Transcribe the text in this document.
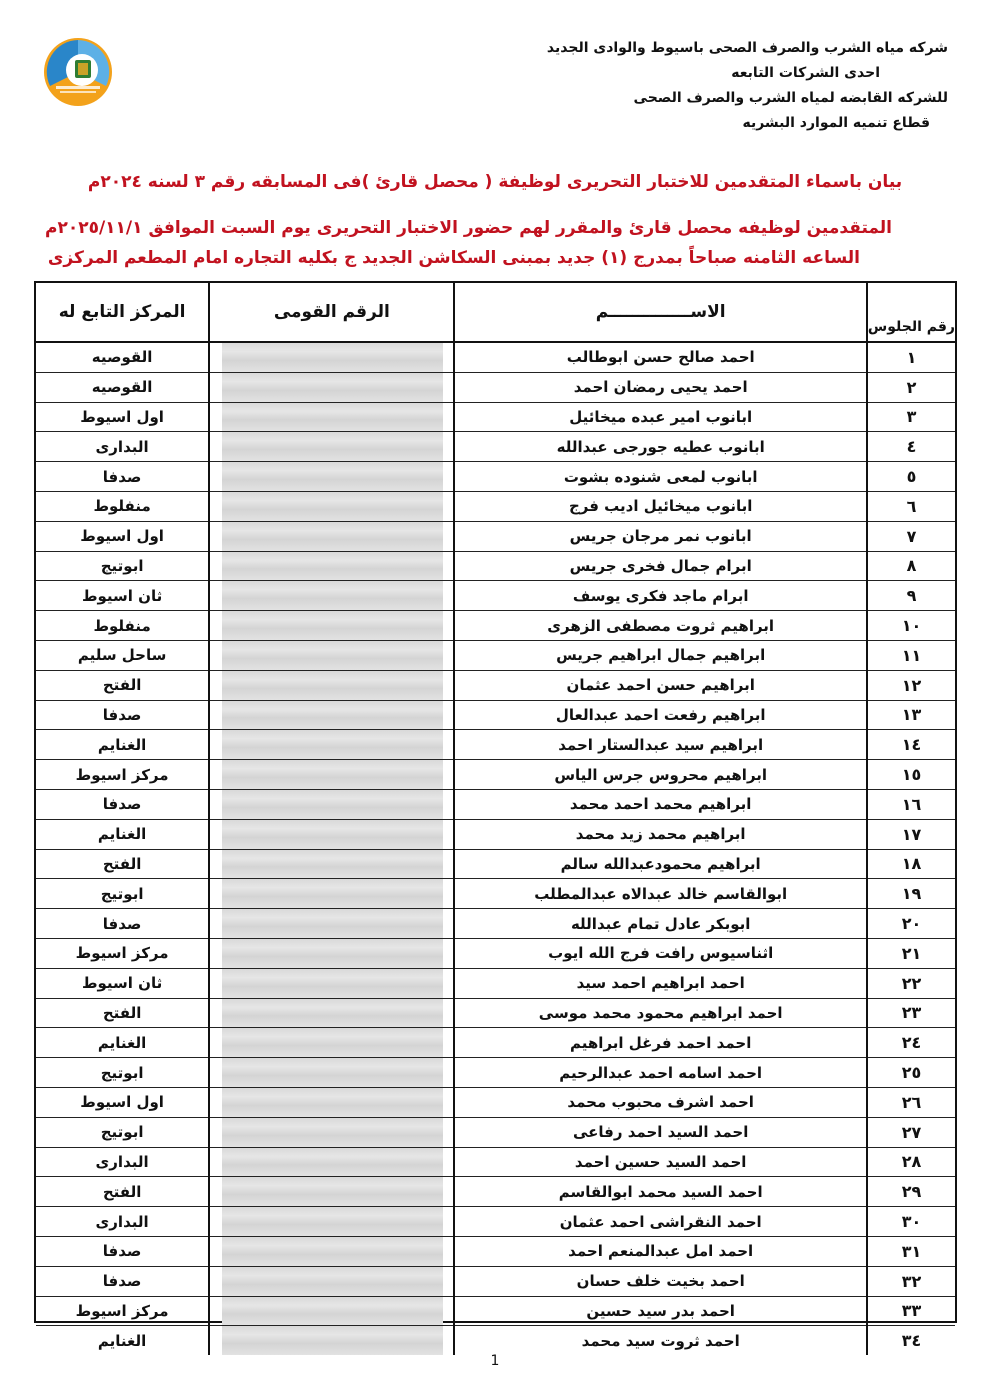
شركه مياه الشرب والصرف الصحى باسيوط والوادى الجديد
احدى الشركات التابعه
للشركه القابضه لمياه الشرب والصرف الصحى
قطاع تنميه الموارد البشريه
بيان باسماء المتقدمين للاختبار التحريرى لوظيفة ( محصل قارئ )فى المسابقه رقم ٣ لسنه ٢٠٢٤م
المتقدمين لوظيفه محصل قارئ والمقرر لهم حضور الاختبار التحريرى يوم السبت الموافق ٢٠٢٥/١١/١م
الساعه الثامنه صباحاً بمدرج (١) جديد بمبنى السكاشن الجديد ج بكليه التجاره امام المطعم المركزى
رقم الجلوس	الاســــــــــــــم	الرقم القومى	المركز التابع له
١	احمد صالح حسن ابوطالب		القوصيه
٢	احمد يحيى رمضان احمد		القوصيه
٣	ابانوب امير عبده ميخائيل		اول اسيوط
٤	ابانوب عطيه جورجى عبدالله		البدارى
٥	ابانوب لمعى شنوده بشوت		صدفا
٦	ابانوب ميخائيل اديب فرج		منفلوط
٧	ابانوب نمر مرجان جريس		اول اسيوط
٨	ابرام جمال فخرى جريس		ابوتيج
٩	ابرام ماجد فكرى يوسف		ثان اسيوط
١٠	ابراهيم ثروت مصطفى الزهرى		منفلوط
١١	ابراهيم جمال ابراهيم جريس		ساحل سليم
١٢	ابراهيم حسن احمد عثمان		الفتح
١٣	ابراهيم رفعت احمد عبدالعال		صدفا
١٤	ابراهيم سيد عبدالستار احمد		الغنايم
١٥	ابراهيم محروس جرس الياس		مركز اسيوط
١٦	ابراهيم محمد احمد محمد		صدفا
١٧	ابراهيم محمد زيد محمد		الغنايم
١٨	ابراهيم محمودعبدالله سالم		الفتح
١٩	ابوالقاسم خالد عبدالاه عبدالمطلب		ابوتيج
٢٠	ابوبكر عادل تمام عبدالله		صدفا
٢١	اثناسيوس رافت فرج الله ايوب		مركز اسيوط
٢٢	احمد ابراهيم احمد سيد		ثان اسيوط
٢٣	احمد ابراهيم محمود محمد موسى		الفتح
٢٤	احمد احمد فرغل ابراهيم		الغنايم
٢٥	احمد اسامه احمد عبدالرحيم		ابوتيج
٢٦	احمد اشرف محبوب محمد		اول اسيوط
٢٧	احمد السيد احمد رفاعى		ابوتيج
٢٨	احمد السيد حسين احمد		البدارى
٢٩	احمد السيد محمد ابوالقاسم		الفتح
٣٠	احمد النقراشى احمد عثمان		البدارى
٣١	احمد امل عبدالمنعم احمد		صدفا
٣٢	احمد بخيت خلف حسان		صدفا
٣٣	احمد بدر سيد حسين		مركز اسيوط
٣٤	احمد ثروت سيد محمد		الغنايم
1
